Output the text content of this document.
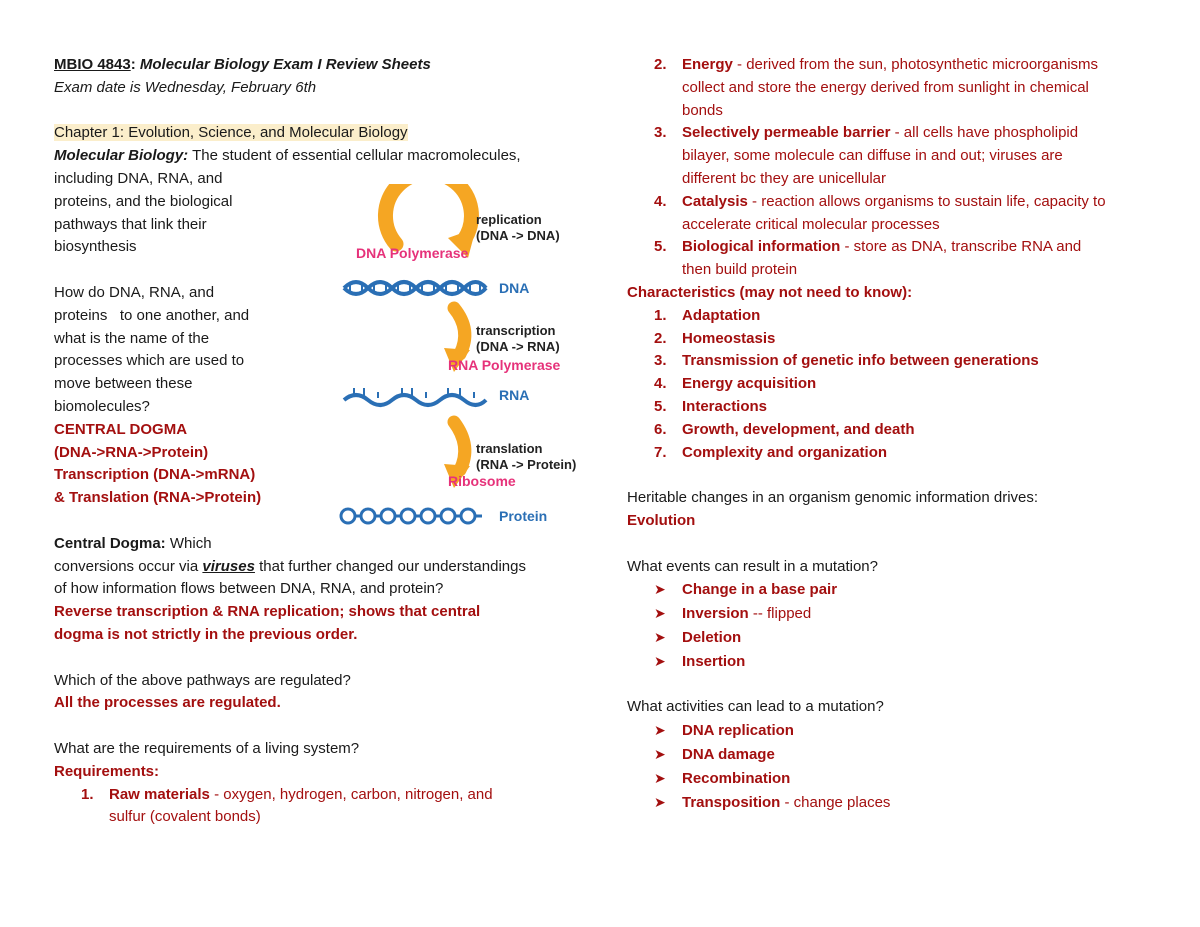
MBIO 4843: Molecular Biology Exam I Review Sheets
Exam date is Wednesday, February 6th
Chapter 1: Evolution, Science, and Molecular Biology
Molecular Biology: The student of essential cellular macromolecules,
including DNA, RNA, and
proteins, and the biological
pathways that link their
biosynthesis
How do DNA, RNA, and
proteins   to one another, and
what is the name of the
processes which are used to
move between these
biomolecules?
CENTRAL DOGMA
(DNA->RNA->Protein)
Transcription (DNA->mRNA)
& Translation (RNA->Protein)
Central Dogma: Which
conversions occur via viruses that further changed our understandings
of how information flows between DNA, RNA, and protein?
Reverse transcription & RNA replication; shows that central
dogma is not strictly in the previous order.
Which of the above pathways are regulated?
All the processes are regulated.
What are the requirements of a living system?
Requirements:
1. Raw materials - oxygen, hydrogen, carbon, nitrogen, and
sulfur (covalent bonds)
replication
(DNA -> DNA)
DNA Polymerase
DNA
transcription
(DNA -> RNA)
RNA Polymerase
RNA
translation
(RNA -> Protein)
Ribosome
Protein
2. Energy - derived from the sun, photosynthetic microorganisms
collect and store the energy derived from sunlight in chemical
bonds
3. Selectively permeable barrier - all cells have phospholipid
bilayer, some molecule can diffuse in and out; viruses are
different bc they are unicellular
4. Catalysis - reaction allows organisms to sustain life, capacity to
accelerate critical molecular processes
5. Biological information - store as DNA, transcribe RNA and
then build protein
Characteristics (may not need to know):
1. Adaptation
2. Homeostasis
3. Transmission of genetic info between generations
4. Energy acquisition
5. Interactions
6. Growth, development, and death
7. Complexity and organization
Heritable changes in an organism genomic information drives:
Evolution
What events can result in a mutation?
➤ Change in a base pair
➤ Inversion -- flipped
➤ Deletion
➤ Insertion
What activities can lead to a mutation?
➤ DNA replication
➤ DNA damage
➤ Recombination
➤ Transposition - change places
